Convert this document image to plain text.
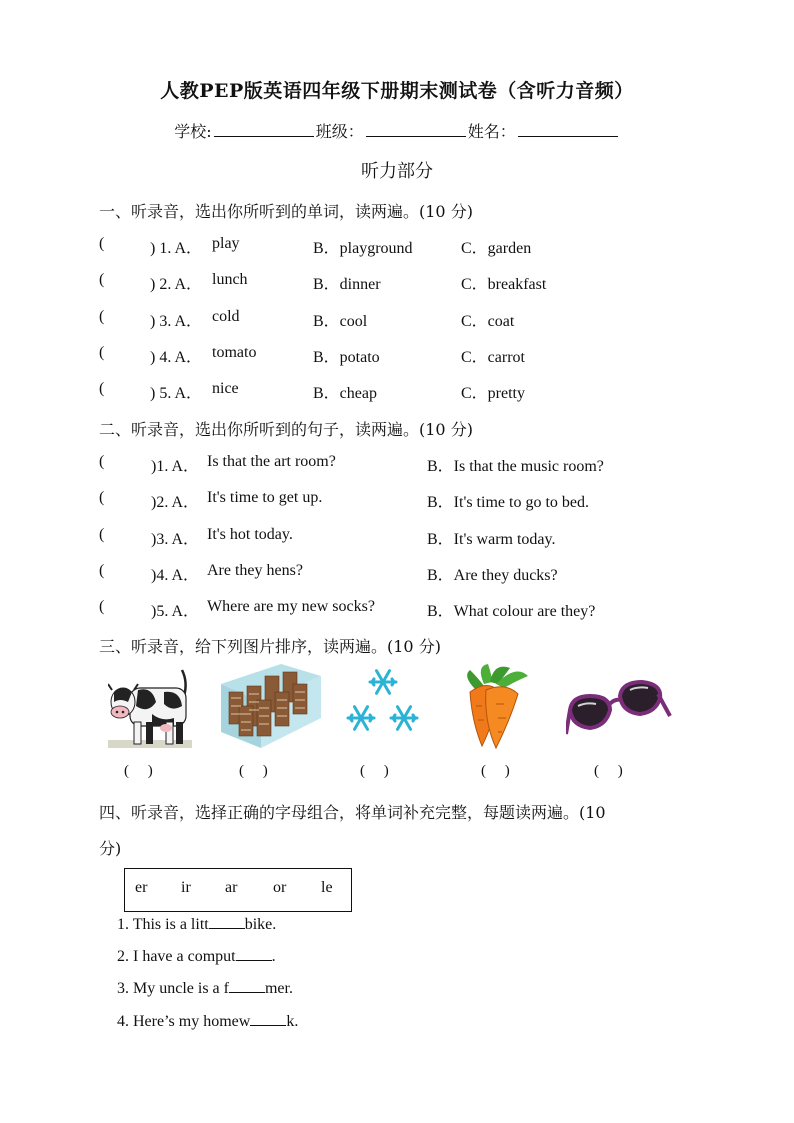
人教PEP版英语四年级下册期末测试卷（含听力音频）
学校:	班级：	姓名：
听力部分
一、听录音，选出你所听到的单词，读两遍。(10 分)
(	) 1. A． play	B．playground	C．garden
(	) 2. A． lunch	B．dinner	C．breakfast
(	) 3. A． cold	B．cool	C．coat
(	) 4. A． tomato	B．potato	C．carrot
(	) 5. A． nice	B．cheap	C．pretty
二、听录音，选出你所听到的句子，读两遍。(10 分)
(	)1. A． Is that the art room?	B．Is that the music room?
(	)2. A． It's time to get up.	B．It's time to go to bed.
(	)3. A． It's hot today.	B．It's warm today.
(	)4. A． Are they hens?	B．Are they ducks?
(	)5. A． Where are my new socks?	B．What colour are they?
三、听录音，给下列图片排序，读两遍。(10 分)
(     )	(     )	(     )	(     )	(     )
四、听录音，选择正确的字母组合，将单词补充完整，每题读两遍。(10
分)
er ir ar or le
1. This is a litt bike.
2. I have a comput .
3. My uncle is a f mer.
4. Here’s my homew k.
